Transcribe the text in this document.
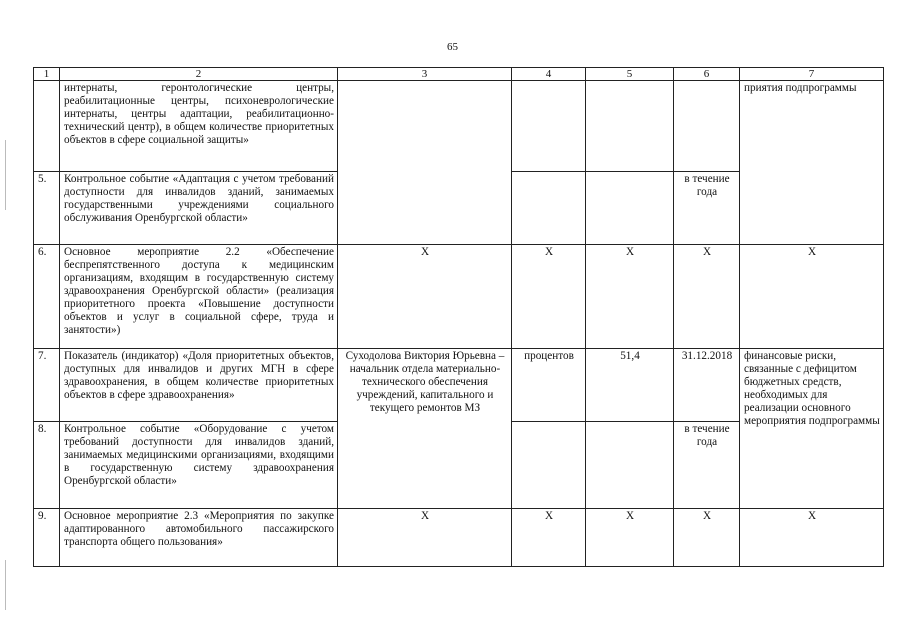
65
1	2	3	4	5	6	7
	интернаты, геронтологические центры, реабилитационные центры, психоневрологические интернаты, центры адаптации, реабилитационно-технический центр), в общем количестве приоритетных объектов в сфере социальной защиты»					приятия подпрограммы
5.	Контрольное событие «Адаптация с учетом требований доступности для инвалидов зданий, занимаемых государственными учреждениями социального обслуживания Оренбургской области»				в течение года	
6.	Основное мероприятие 2.2 «Обеспечение беспрепятственного доступа к медицинским организациям, входящим в государственную систему здравоохранения Оренбургской области» (реализация приоритетного проекта «Повышение доступности объектов и услуг в социальной сфере, труда и занятости»)	Х	Х	Х	Х	Х
7.	Показатель (индикатор) «Доля приоритетных объектов, доступных для инвалидов и других МГН в сфере здравоохранения, в общем количестве приоритетных объектов в сфере здравоохранения»	Суходолова Виктория Юрьевна – начальник отдела материально-технического обеспечения учреждений, капитального и текущего ремонтов МЗ	процентов	51,4	31.12.2018	финансовые риски, связанные с дефицитом бюджетных средств, необходимых для реализации основного мероприятия подпрограммы
8.	Контрольное событие «Оборудование с учетом требований доступности для инвалидов зданий, занимаемых медицинскими организациями, входящими в государственную систему здравоохранения Оренбургской области»				в течение года	
9.	Основное мероприятие 2.3 «Мероприятия по закупке адаптированного автомобильного пассажирского транспорта общего пользования»	Х	Х	Х	Х	Х
